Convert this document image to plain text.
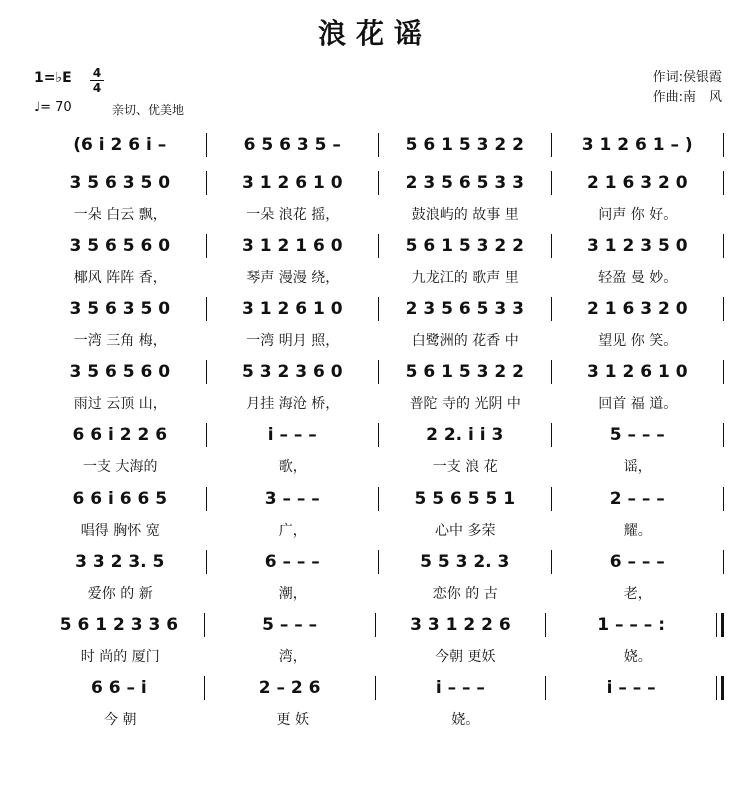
浪花谣
1=♭E 4
4
♩= 70	亲切、优美地
作词:侯银霞
作曲:南　风
(6 i 2 6 i –	6 5 6 3 5 –	5 6 1 5 3 2 2	3 1 2 6 1 – )
3 5 6 3 5 0	3 1 2 6 1 0	2 3 5 6 5 3 3	2 1 6 3 2 0
一朵 白云 飘，	一朵 浪花 摇，	鼓浪屿的 故事 里	问声 你 好。
3 5 6 5 6 0	3 1 2 1 6 0	5 6 1 5 3 2 2	3 1 2 3 5 0
椰风 阵阵 香，	琴声 漫漫 绕，	九龙江的 歌声 里	轻盈 曼 妙。
3 5 6 3 5 0	3 1 2 6 1 0	2 3 5 6 5 3 3	2 1 6 3 2 0
一湾 三角 梅，	一湾 明月 照，	白鹭洲的 花香 中	望见 你 笑。
3 5 6 5 6 0	5 3 2 3 6 0	5 6 1 5 3 2 2	3 1 2 6 1 0
雨过 云顶 山，	月挂 海沧 桥，	普陀 寺的 光阴 中	回首 福 道。
6 6 i 2 2 6	i – – –	2 2. i i 3	5 – – –
一支 大海的	歌，	一支 浪 花	谣，
6 6 i 6 6 5	3 – – –	5 5 6 5 5 1	2 – – –
唱得 胸怀 宽	广，	心中 多荣	耀。
3 3 2 3. 5	6 – – –	5 5 3 2. 3	6 – – –
爱你 的 新	潮，	恋你 的 古	老，
5 6 1 2 3 3 6	5 – – –	3 3 1 2 2 6	1 – – – :
时 尚的 厦门	湾，	今朝 更妖	娆。
6 6 – i	2 – 2 6	i – – –	i – – –
今 朝	更 妖	娆。
